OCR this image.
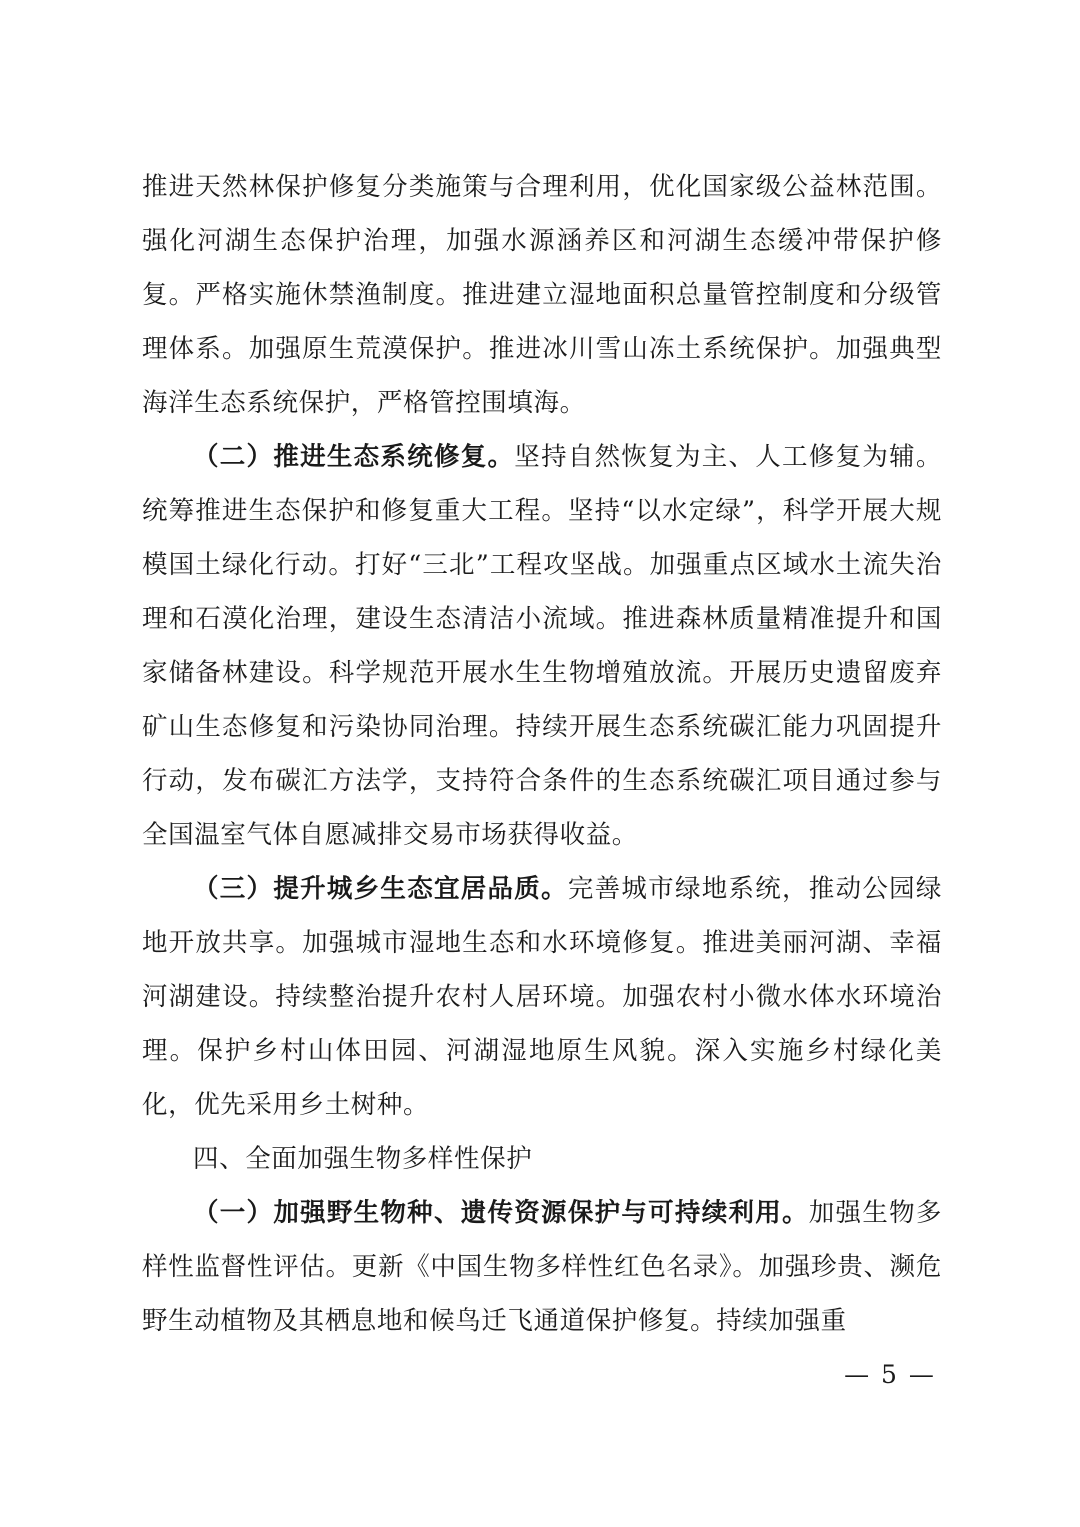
推进天然林保护修复分类施策与合理利用，优化国家级公益林范围。强化河湖生态保护治理，加强水源涵养区和河湖生态缓冲带保护修复。严格实施休禁渔制度。推进建立湿地面积总量管控制度和分级管理体系。加强原生荒漠保护。推进冰川雪山冻土系统保护。加强典型海洋生态系统保护，严格管控围填海。

（二）推进生态系统修复。坚持自然恢复为主、人工修复为辅。统筹推进生态保护和修复重大工程。坚持“以水定绿”，科学开展大规模国土绿化行动。打好“三北”工程攻坚战。加强重点区域水土流失治理和石漠化治理，建设生态清洁小流域。推进森林质量精准提升和国家储备林建设。科学规范开展水生生物增殖放流。开展历史遗留废弃矿山生态修复和污染协同治理。持续开展生态系统碳汇能力巩固提升行动，发布碳汇方法学，支持符合条件的生态系统碳汇项目通过参与全国温室气体自愿减排交易市场获得收益。

（三）提升城乡生态宜居品质。完善城市绿地系统，推动公园绿地开放共享。加强城市湿地生态和水环境修复。推进美丽河湖、幸福河湖建设。持续整治提升农村人居环境。加强农村小微水体水环境治理。保护乡村山体田园、河湖湿地原生风貌。深入实施乡村绿化美化，优先采用乡土树种。

四、全面加强生物多样性保护

（一）加强野生物种、遗传资源保护与可持续利用。加强生物多样性监督性评估。更新《中国生物多样性红色名录》。加强珍贵、濒危野生动植物及其栖息地和候鸟迁飞通道保护修复。持续加强重

— 5 —
